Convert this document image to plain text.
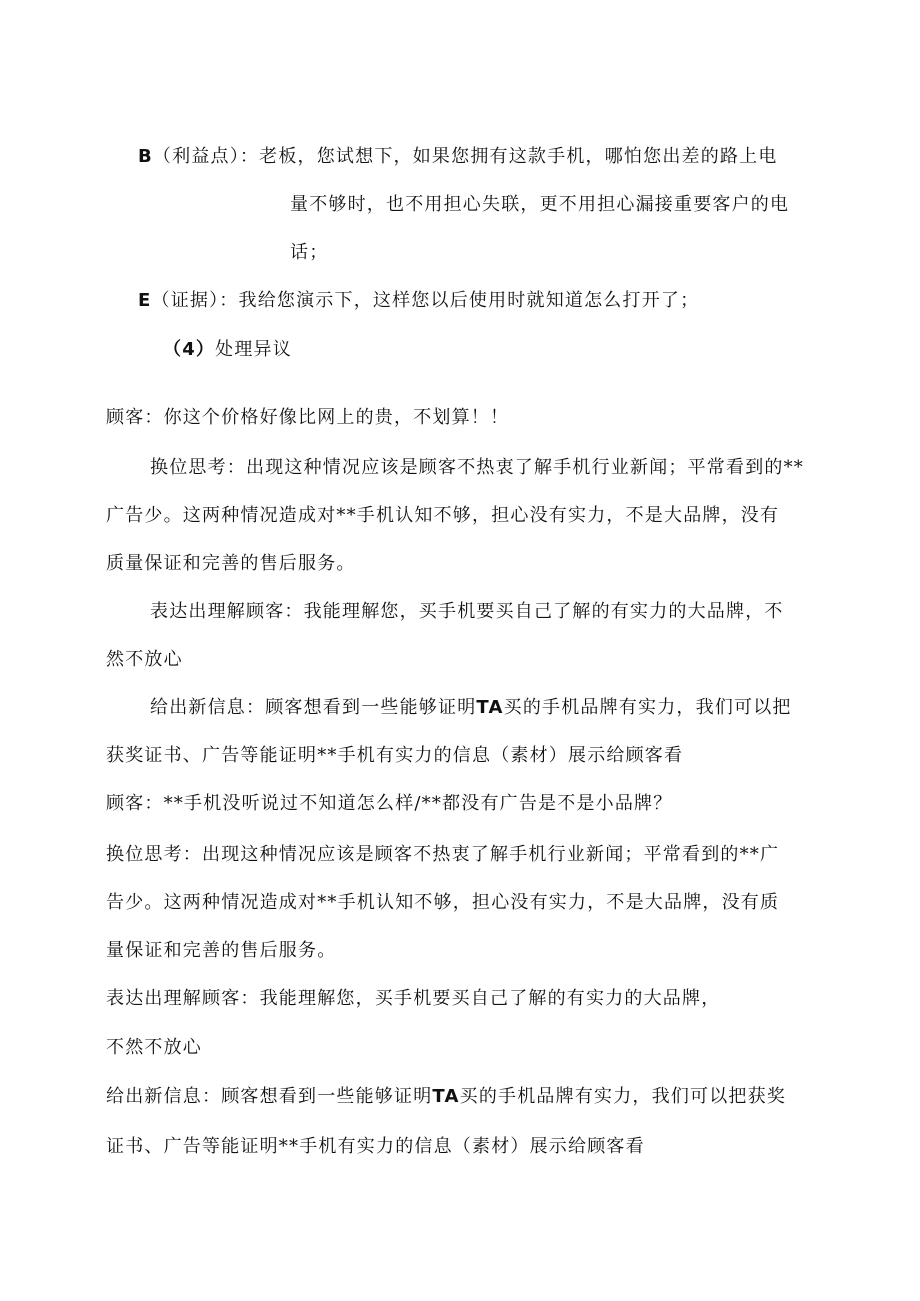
B（利益点）：老板，您试想下，如果您拥有这款手机，哪怕您出差的路上电
量不够时，也不用担心失联，更不用担心漏接重要客户的电
话；
E（证据）：我给您演示下，这样您以后使用时就知道怎么打开了；
（4）处理异议
顾客：你这个价格好像比网上的贵，不划算！！
换位思考：出现这种情况应该是顾客不热衷了解手机行业新闻；平常看到的**
广告少。这两种情况造成对**手机认知不够，担心没有实力，不是大品牌，没有
质量保证和完善的售后服务。
表达出理解顾客：我能理解您，买手机要买自己了解的有实力的大品牌，不
然不放心
给出新信息：顾客想看到一些能够证明TA买的手机品牌有实力，我们可以把
获奖证书、广告等能证明**手机有实力的信息（素材）展示给顾客看
顾客：**手机没听说过不知道怎么样/**都没有广告是不是小品牌？
换位思考：出现这种情况应该是顾客不热衷了解手机行业新闻；平常看到的**广
告少。这两种情况造成对**手机认知不够，担心没有实力，不是大品牌，没有质
量保证和完善的售后服务。
表达出理解顾客：我能理解您，买手机要买自己了解的有实力的大品牌，
不然不放心
给出新信息：顾客想看到一些能够证明TA买的手机品牌有实力，我们可以把获奖
证书、广告等能证明**手机有实力的信息（素材）展示给顾客看
